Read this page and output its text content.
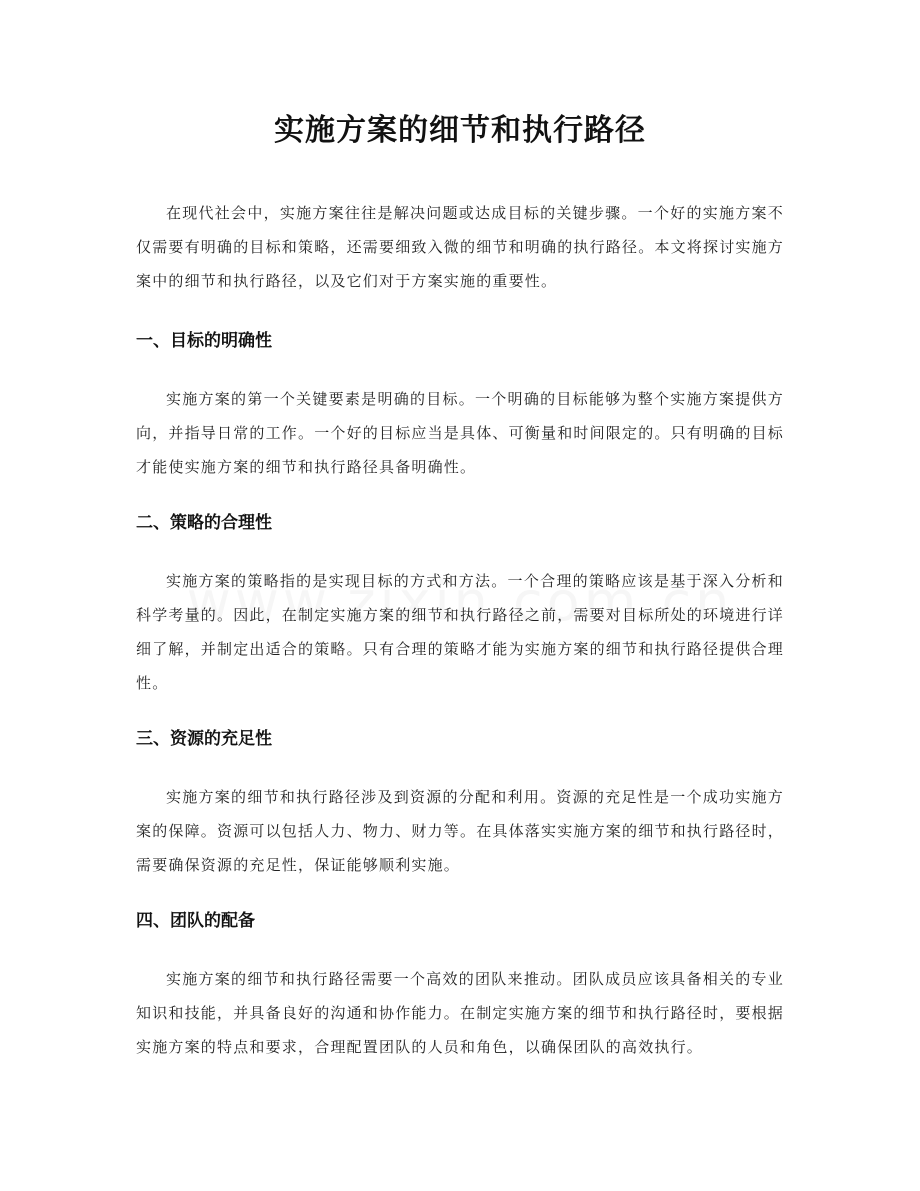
实施方案的细节和执行路径

在现代社会中，实施方案往往是解决问题或达成目标的关键步骤。一个好的实施方案不仅需要有明确的目标和策略，还需要细致入微的细节和明确的执行路径。本文将探讨实施方案中的细节和执行路径，以及它们对于方案实施的重要性。

一、目标的明确性

实施方案的第一个关键要素是明确的目标。一个明确的目标能够为整个实施方案提供方向，并指导日常的工作。一个好的目标应当是具体、可衡量和时间限定的。只有明确的目标才能使实施方案的细节和执行路径具备明确性。

二、策略的合理性

实施方案的策略指的是实现目标的方式和方法。一个合理的策略应该是基于深入分析和科学考量的。因此，在制定实施方案的细节和执行路径之前，需要对目标所处的环境进行详细了解，并制定出适合的策略。只有合理的策略才能为实施方案的细节和执行路径提供合理性。

三、资源的充足性

实施方案的细节和执行路径涉及到资源的分配和利用。资源的充足性是一个成功实施方案的保障。资源可以包括人力、物力、财力等。在具体落实实施方案的细节和执行路径时，需要确保资源的充足性，保证能够顺利实施。

四、团队的配备

实施方案的细节和执行路径需要一个高效的团队来推动。团队成员应该具备相关的专业知识和技能，并具备良好的沟通和协作能力。在制定实施方案的细节和执行路径时，要根据实施方案的特点和要求，合理配置团队的人员和角色，以确保团队的高效执行。
